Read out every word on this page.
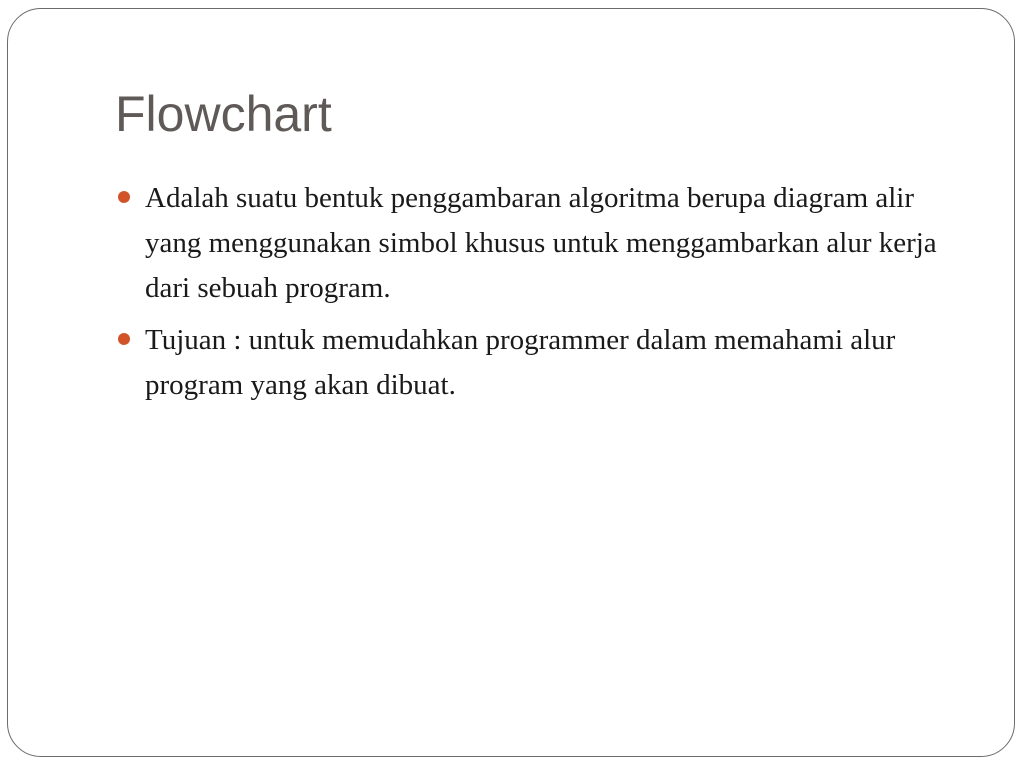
Flowchart
Adalah suatu bentuk penggambaran algoritma berupa diagram alir yang menggunakan simbol khusus untuk menggambarkan alur kerja dari sebuah program.
Tujuan : untuk memudahkan programmer dalam memahami alur program yang akan dibuat.
